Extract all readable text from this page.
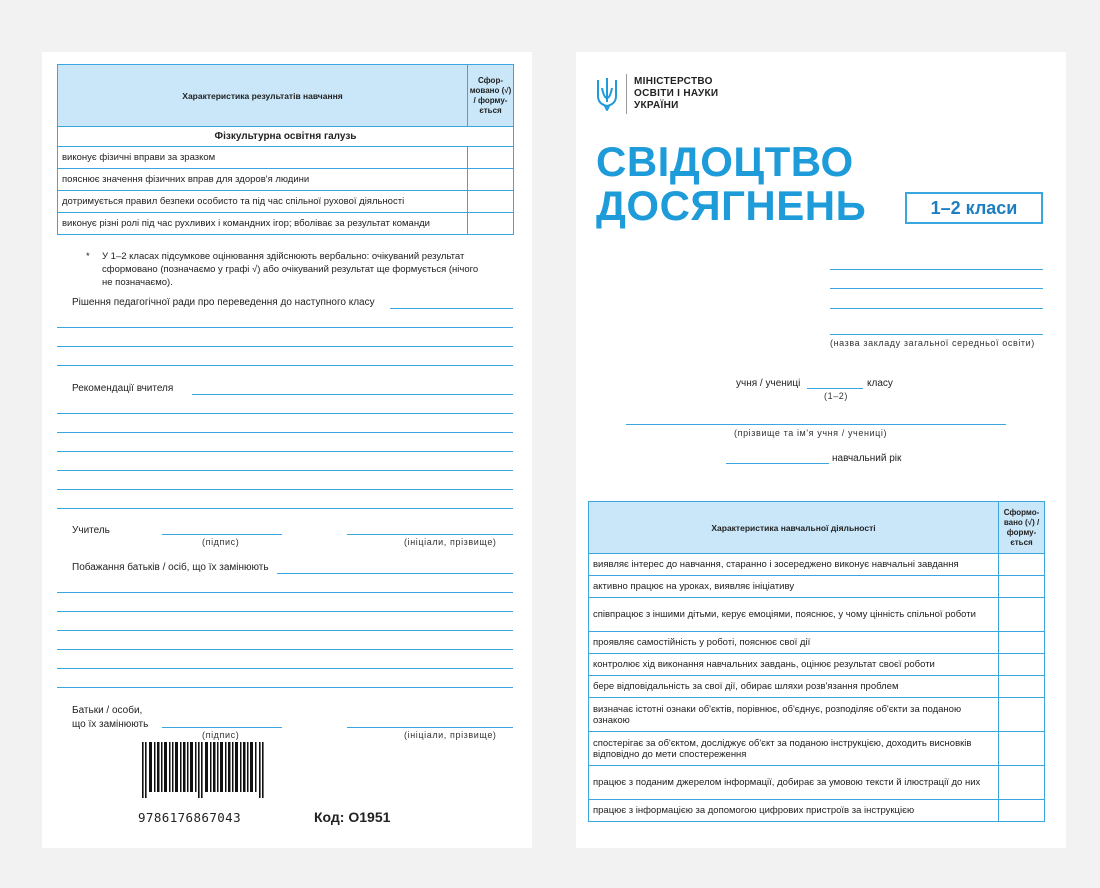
Характеристика результатів навчання	Сфор-мовано (√) / форму-ється
Фізкультурна освітня галузь	
виконує фізичні вправи за зразком	
пояснює значення фізичних вправ для здоров'я людини	
дотримується правил безпеки особисто та під час спільної рухової діяльності	
виконує різні ролі під час рухливих і командних ігор; вболіває за результат команди	
* У 1–2 класах підсумкове оцінювання здійснюють вербально: очікуваний результат сформовано (позначаємо у графі √) або очікуваний результат ще формується (нічого не позначаємо).
Рішення педагогічної ради про переведення до наступного класу
Рекомендації вчителя
Учитель
(підпис)	(ініціали, прізвище)
Побажання батьків / осіб, що їх замінюють
Батьки / особи,
що їх замінюють
(підпис)	(ініціали, прізвище)
9786176867043	Код: О1951
МІНІСТЕРСТВО
ОСВІТИ І НАУКИ
УКРАЇНИ
СВІДОЦТВО
ДОСЯГНЕНЬ	1–2 класи
(назва закладу загальної середньої освіти)
учня / учениці	класу
(1–2)
(прізвище та ім'я учня / учениці)
навчальний рік
Характеристика навчальної діяльності	Сформо-вано (√) / форму-ється
виявляє інтерес до навчання, старанно і зосереджено виконує навчальні завдання	
активно працює на уроках, виявляє ініціативу	
співпрацює з іншими дітьми, керує емоціями, пояснює, у чому цінність спільної роботи	
проявляє самостійність у роботі, пояснює свої дії	
контролює хід виконання навчальних завдань, оцінює результат своєї роботи	
бере відповідальність за свої дії, обирає шляхи розв'язання проблем	
визначає істотні ознаки об'єктів, порівнює, об'єднує, розподіляє об'єкти за поданою ознакою	
спостерігає за об'єктом, досліджує об'єкт за поданою інструкцією, доходить висновків відповідно до мети спостереження	
працює з поданим джерелом інформації, добирає за умовою тексти й ілюстрації до них	
працює з інформацією за допомогою цифрових пристроїв за інструкцією	
